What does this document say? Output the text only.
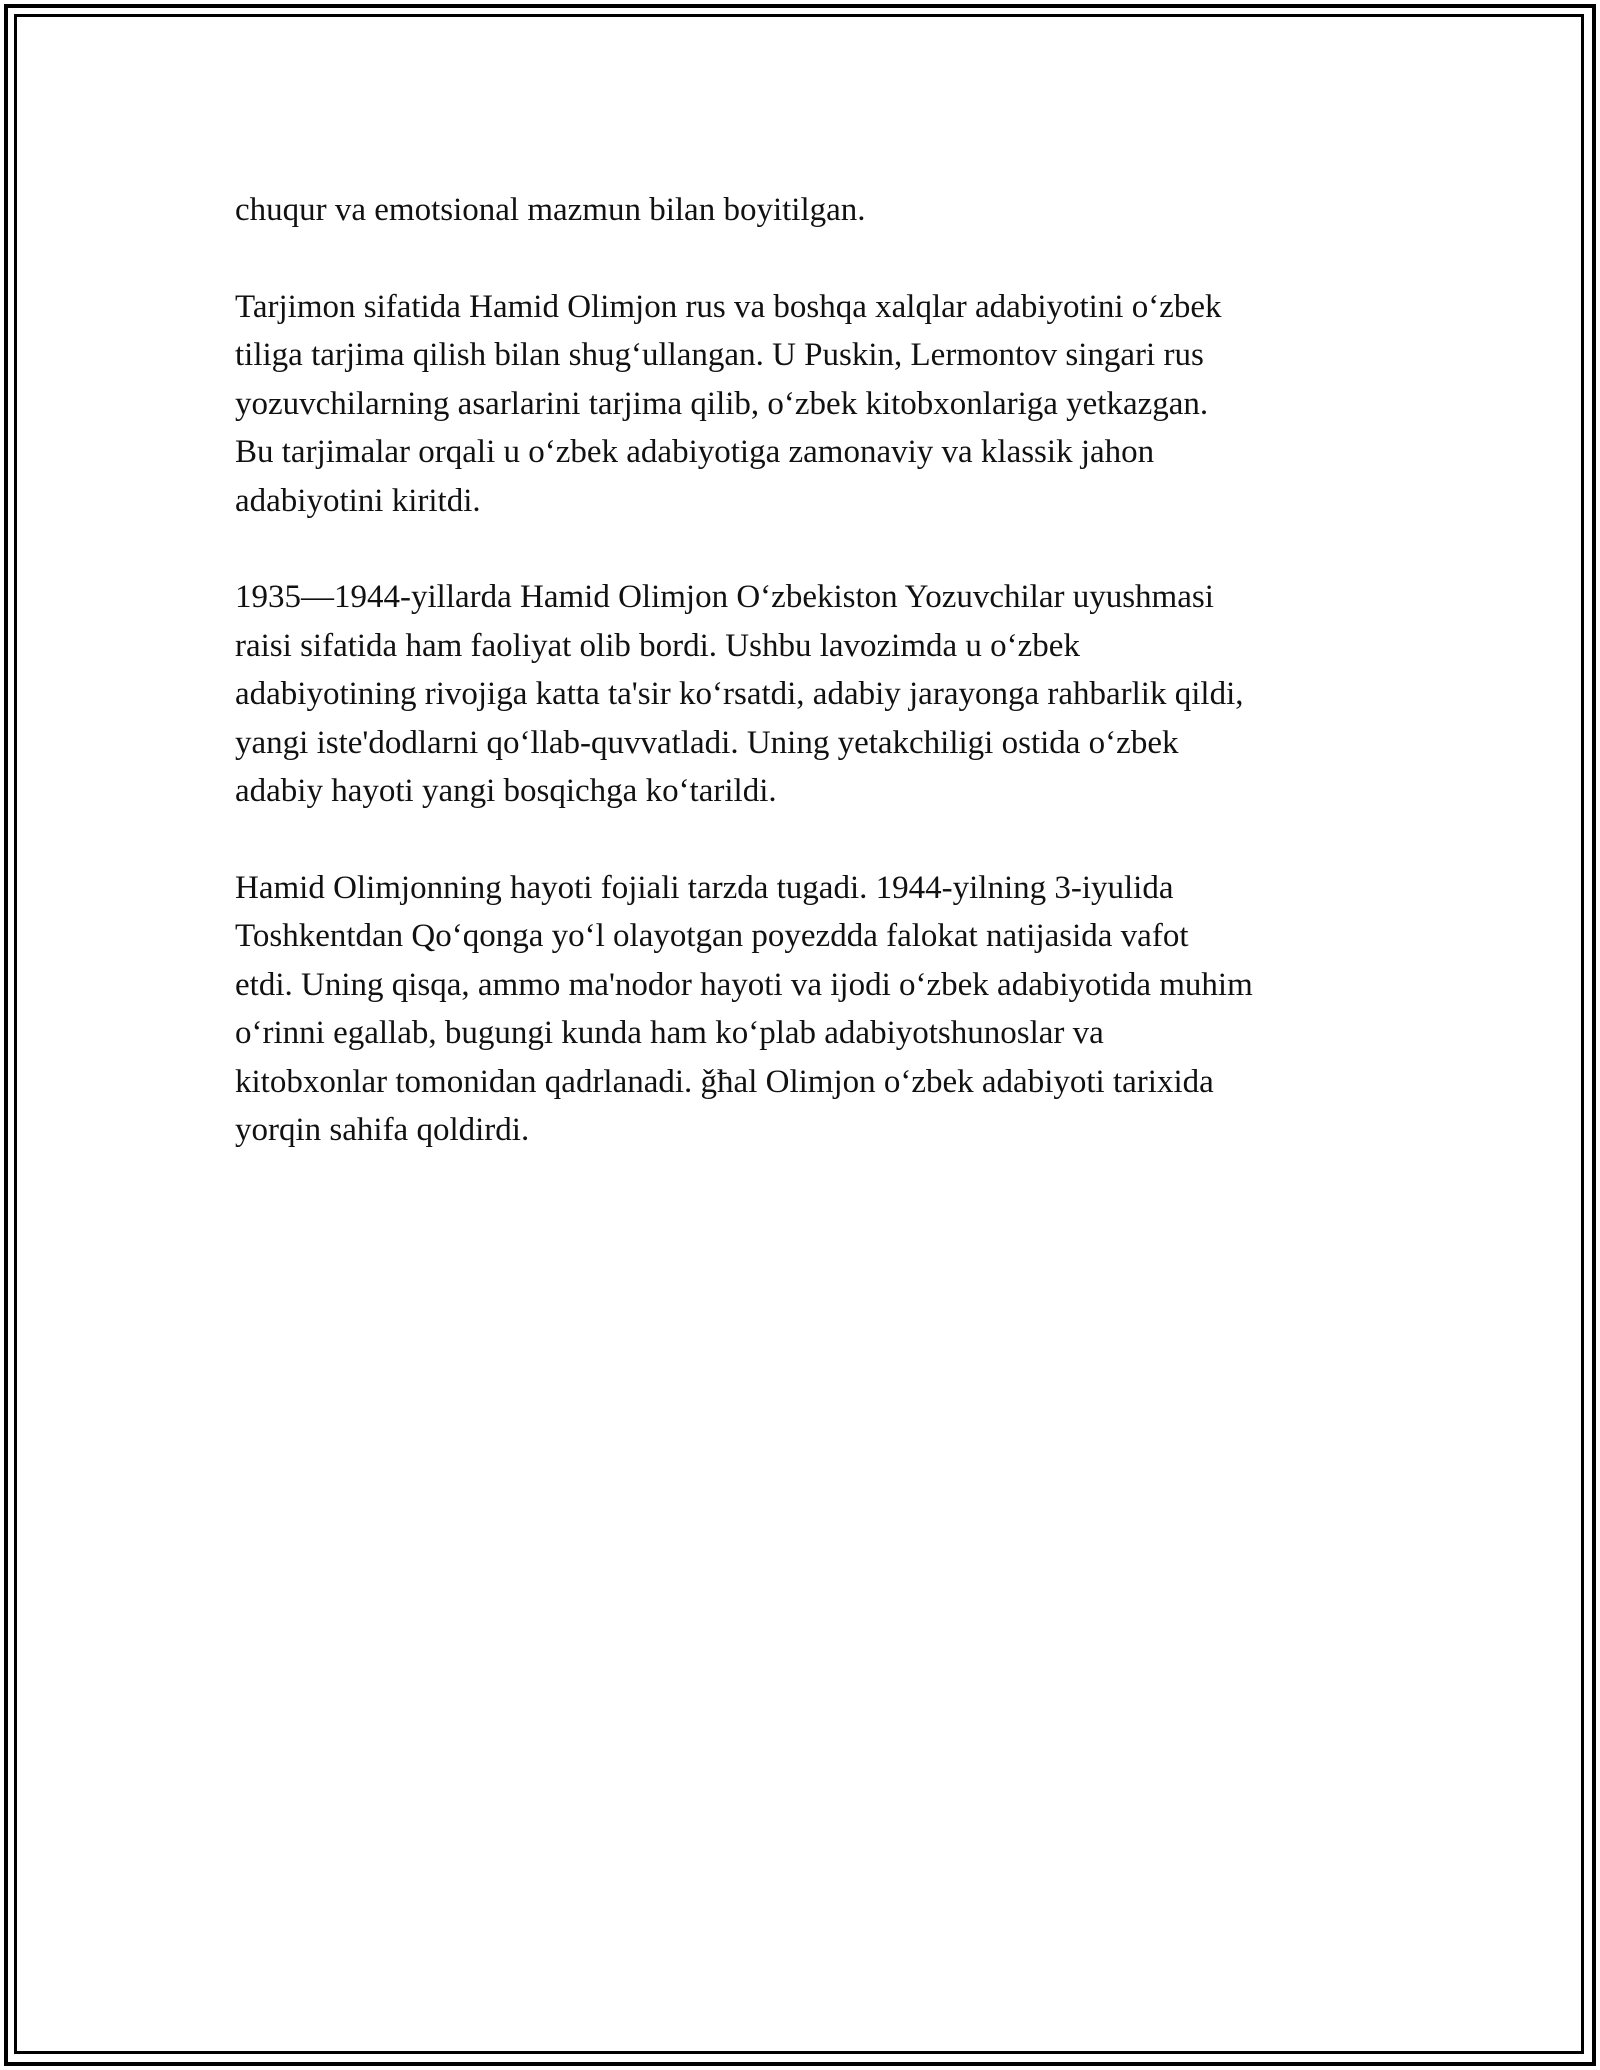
chuqur va emotsional mazmun bilan boyitilgan.

Tarjimon sifatida Hamid Olimjon rus va boshqa xalqlar adabiyotini o‘zbek
tiliga tarjima qilish bilan shug‘ullangan. U Puskin, Lermontov singari rus
yozuvchilarning asarlarini tarjima qilib, o‘zbek kitobxonlariga yetkazgan.
Bu tarjimalar orqali u o‘zbek adabiyotiga zamonaviy va klassik jahon
adabiyotini kiritdi.

1935—1944-yillarda Hamid Olimjon O‘zbekiston Yozuvchilar uyushmasi
raisi sifatida ham faoliyat olib bordi. Ushbu lavozimda u o‘zbek
adabiyotining rivojiga katta ta'sir ko‘rsatdi, adabiy jarayonga rahbarlik qildi,
yangi iste'dodlarni qo‘llab-quvvatladi. Uning yetakchiligi ostida o‘zbek
adabiy hayoti yangi bosqichga ko‘tarildi.

Hamid Olimjonning hayoti fojiali tarzda tugadi. 1944-yilning 3-iyulida
Toshkentdan Qo‘qonga yo‘l olayotgan poyezdda falokat natijasida vafot
etdi. Uning qisqa, ammo ma'nodor hayoti va ijodi o‘zbek adabiyotida muhim
o‘rinni egallab, bugungi kunda ham ko‘plab adabiyotshunoslar va
kitobxonlar tomonidan qadrlanadi. ǧħal Olimjon o‘zbek adabiyoti tarixida
yorqin sahifa qoldirdi.
